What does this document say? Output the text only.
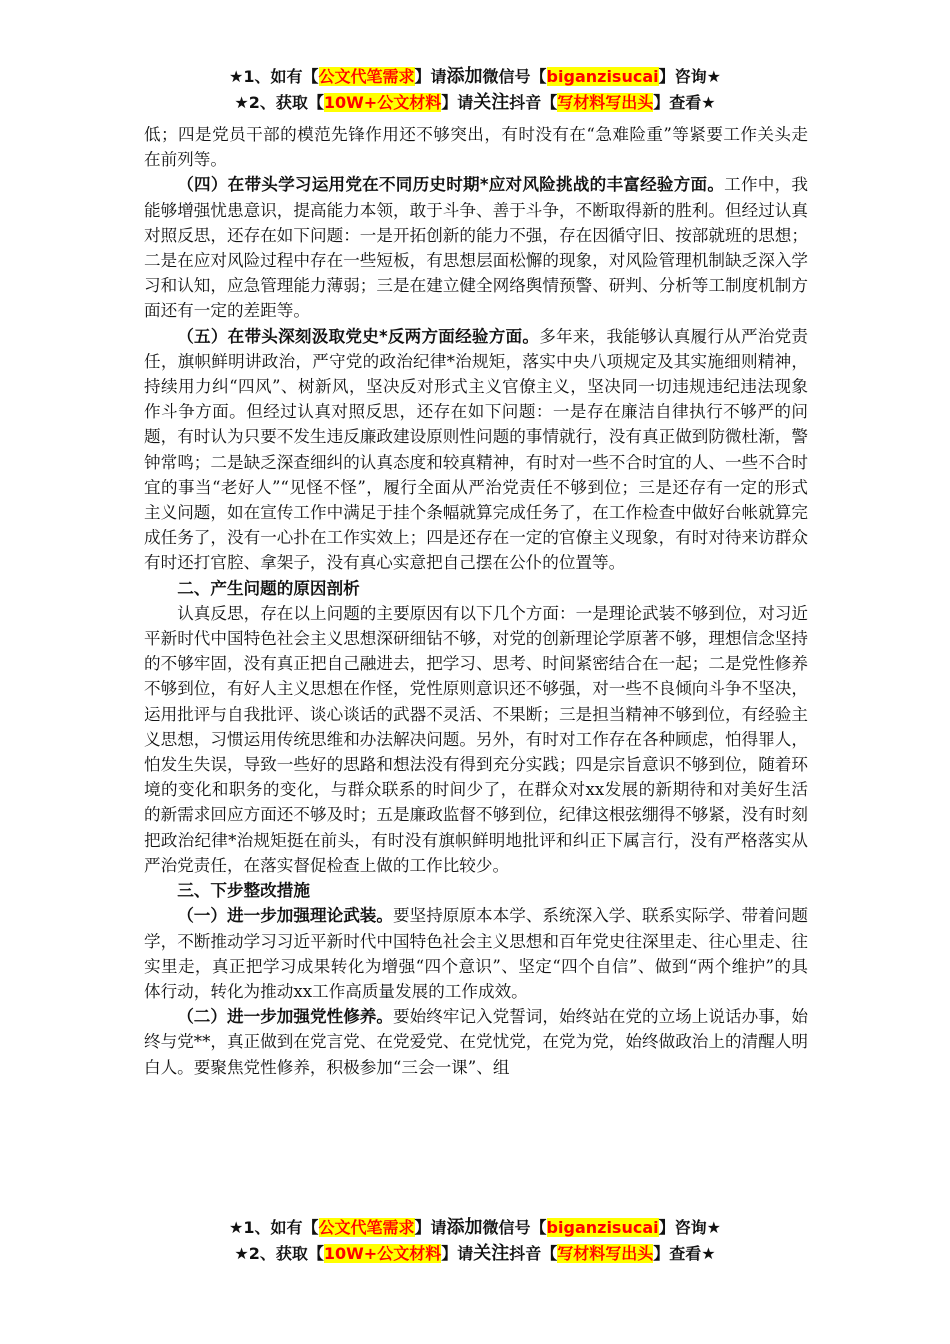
★1、如有【公文代笔需求】请添加微信号【biganzisucai】咨询★
★2、获取【10W+公文材料】请关注抖音【写材料写出头】查看★

低；四是党员干部的模范先锋作用还不够突出，有时没有在“急难险重”等紧要工作关头走在前列等。

（四）在带头学习运用党在不同历史时期*应对风险挑战的丰富经验方面。工作中，我能够增强忧患意识，提高能力本领，敢于斗争、善于斗争，不断取得新的胜利。但经过认真对照反思，还存在如下问题：一是开拓创新的能力不强，存在因循守旧、按部就班的思想；二是在应对风险过程中存在一些短板，有思想层面松懈的现象，对风险管理机制缺乏深入学习和认知，应急管理能力薄弱；三是在建立健全网络舆情预警、研判、分析等工制度机制方面还有一定的差距等。

（五）在带头深刻汲取党史*反两方面经验方面。多年来，我能够认真履行从严治党责任，旗帜鲜明讲政治，严守党的政治纪律*治规矩，落实中央八项规定及其实施细则精神，持续用力纠“四风”、树新风，坚决反对形式主义官僚主义，坚决同一切违规违纪违法现象作斗争方面。但经过认真对照反思，还存在如下问题：一是存在廉洁自律执行不够严的问题，有时认为只要不发生违反廉政建设原则性问题的事情就行，没有真正做到防微杜渐，警钟常鸣；二是缺乏深查细纠的认真态度和较真精神，有时对一些不合时宜的人、一些不合时宜的事当“老好人”“见怪不怪”，履行全面从严治党责任不够到位；三是还存有一定的形式主义问题，如在宣传工作中满足于挂个条幅就算完成任务了，在工作检查中做好台帐就算完成任务了，没有一心扑在工作实效上；四是还存在一定的官僚主义现象，有时对待来访群众有时还打官腔、拿架子，没有真心实意把自己摆在公仆的位置等。

二、产生问题的原因剖析

认真反思，存在以上问题的主要原因有以下几个方面：一是理论武装不够到位，对习近平新时代中国特色社会主义思想深研细钻不够，对党的创新理论学原著不够，理想信念坚持的不够牢固，没有真正把自己融进去，把学习、思考、时间紧密结合在一起；二是党性修养不够到位，有好人主义思想在作怪，党性原则意识还不够强，对一些不良倾向斗争不坚决，运用批评与自我批评、谈心谈话的武器不灵活、不果断；三是担当精神不够到位，有经验主义思想，习惯运用传统思维和办法解决问题。另外，有时对工作存在各种顾虑，怕得罪人，怕发生失误，导致一些好的思路和想法没有得到充分实践；四是宗旨意识不够到位，随着环境的变化和职务的变化，与群众联系的时间少了，在群众对xx发展的新期待和对美好生活的新需求回应方面还不够及时；五是廉政监督不够到位，纪律这根弦绷得不够紧，没有时刻把政治纪律*治规矩挺在前头，有时没有旗帜鲜明地批评和纠正下属言行，没有严格落实从严治党责任，在落实督促检查上做的工作比较少。

三、下步整改措施

（一）进一步加强理论武装。要坚持原原本本学、系统深入学、联系实际学、带着问题学，不断推动学习习近平新时代中国特色社会主义思想和百年党史往深里走、往心里走、往实里走，真正把学习成果转化为增强“四个意识”、坚定“四个自信”、做到“两个维护”的具体行动，转化为推动xx工作高质量发展的工作成效。

（二）进一步加强党性修养。要始终牢记入党誓词，始终站在党的立场上说话办事，始终与党**，真正做到在党言党、在党爱党、在党忧党，在党为党，始终做政治上的清醒人明白人。要聚焦党性修养，积极参加“三会一课”、组

★1、如有【公文代笔需求】请添加微信号【biganzisucai】咨询★
★2、获取【10W+公文材料】请关注抖音【写材料写出头】查看★
